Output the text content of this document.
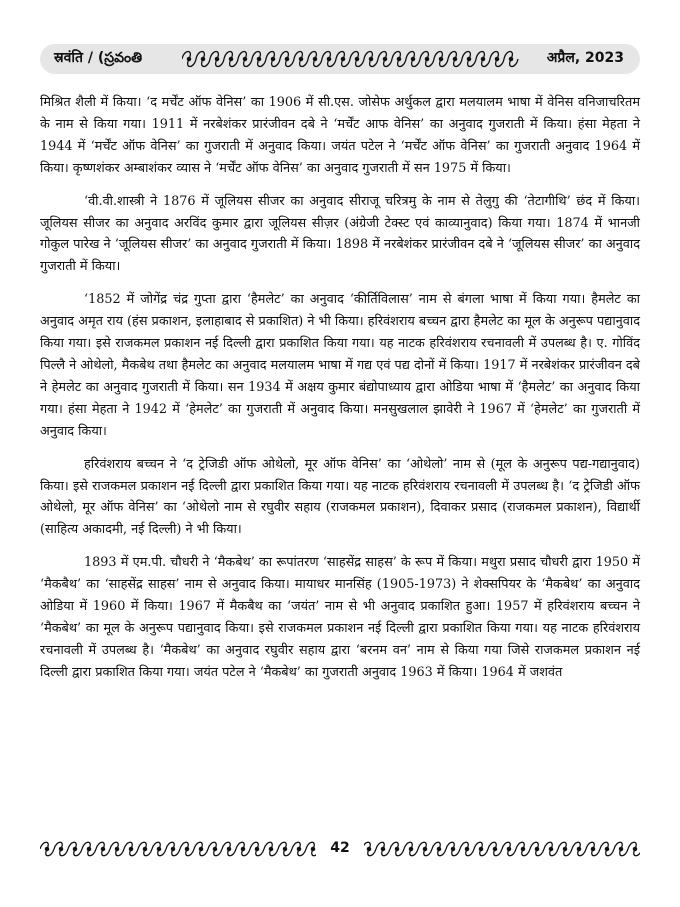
स्रवंति / (స్రవంతి	अप्रैल, 2023

मिश्रित शैली में किया। ‘द मर्चेंट ऑफ वेनिस’ का 1906 में सी.एस. जोसेफ अर्थुकल द्वारा मलयालम भाषा में वेनिस वनिजाचरितम के नाम से किया गया। 1911 में नरबेशंकर प्रारंजीवन दबे ने ‘मर्चेंट आफ वेनिस’ का अनुवाद गुजराती में किया। हंसा मेहता ने 1944 में ‘मर्चेंट ऑफ वेनिस’ का गुजराती में अनुवाद किया। जयंत पटेल ने ‘मर्चेंट ऑफ वेनिस’ का गुजराती अनुवाद 1964 में किया। कृष्णशंकर अम्बाशंकर व्यास ने ‘मर्चेंट ऑफ वेनिस’ का अनुवाद गुजराती में सन 1975 में किया।

‘वी.वी.शास्त्री ने 1876 में जूलियस सीजर का अनुवाद सीराजू चरित्रमु के नाम से तेलुगु की ‘तेटागीथि’ छंद में किया। जूलियस सीजर का अनुवाद अरविंद कुमार द्वारा जूलियस सीज़र (अंग्रेजी टेक्स्ट एवं काव्यानुवाद) किया गया। 1874 में भानजी गोकुल पारेख ने ‘जूलियस सीजर’ का अनुवाद गुजराती में किया। 1898 में नरबेशंकर प्रारंजीवन दबे ने ‘जूलियस सीजर’ का अनुवाद गुजराती में किया।

‘1852 में जोगेंद्र चंद्र गुप्ता द्वारा ‘हैमलेट’ का अनुवाद ‘कीर्तिविलास’ नाम से बंगला भाषा में किया गया। हैमलेट का अनुवाद अमृत राय (हंस प्रकाशन, इलाहाबाद से प्रकाशित) ने भी किया। हरिवंशराय बच्चन द्वारा हैमलेट का मूल के अनुरूप पद्यानुवाद किया गया। इसे राजकमल प्रकाशन नई दिल्ली द्वारा प्रकाशित किया गया। यह नाटक हरिवंशराय रचनावली में उपलब्ध है। ए. गोविंद पिल्लै ने ओथेलो, मैकबेथ तथा हैमलेट का अनुवाद मलयालम भाषा में गद्य एवं पद्य दोनों में किया। 1917 में नरबेशंकर प्रारंजीवन दबे ने हेमलेट का अनुवाद गुजराती में किया। सन 1934 में अक्षय कुमार बंद्योपाध्याय द्वारा ओडिया भाषा में ‘हैमलेट’ का अनुवाद किया गया। हंसा मेहता ने 1942 में ‘हेमलेट’ का गुजराती में अनुवाद किया। मनसुखलाल झावेरी ने 1967 में ‘हेमलेट’ का गुजराती में अनुवाद किया।

हरिवंशराय बच्चन ने ‘द ट्रेजिडी ऑफ ओथेलो, मूर ऑफ वेनिस’ का ‘ओथेलो’ नाम से (मूल के अनुरूप पद्य-गद्यानुवाद) किया। इसे राजकमल प्रकाशन नई दिल्ली द्वारा प्रकाशित किया गया। यह नाटक हरिवंशराय रचनावली में उपलब्ध है। ‘द ट्रेजिडी ऑफ ओथेलो, मूर ऑफ वेनिस’ का ‘ओथेलो नाम से रघुवीर सहाय (राजकमल प्रकाशन), दिवाकर प्रसाद (राजकमल प्रकाशन), विद्यार्थी (साहित्य अकादमी, नई दिल्ली) ने भी किया।

1893 में एम.पी. चौधरी ने ‘मैकबेथ’ का रूपांतरण ‘साहसेंद्र साहस’ के रूप में किया। मथुरा प्रसाद चौधरी द्वारा 1950 में ‘मैकबैथ’ का ‘साहसेंद्र साहस’ नाम से अनुवाद किया। मायाधर मानसिंह (1905-1973) ने शेक्सपियर के ‘मैकबेथ’ का अनुवाद ओडिया में 1960 में किया। 1967 में मैकबैथ का ‘जयंत’ नाम से भी अनुवाद प्रकाशित हुआ। 1957 में हरिवंशराय बच्चन ने ‘मैकबेथ’ का मूल के अनुरूप पद्यानुवाद किया। इसे राजकमल प्रकाशन नई दिल्ली द्वारा प्रकाशित किया गया। यह नाटक हरिवंशराय रचनावली में उपलब्ध है। ‘मैकबेथ’ का अनुवाद रघुवीर सहाय द्वारा ‘बरनम वन’ नाम से किया गया जिसे राजकमल प्रकाशन नई दिल्ली द्वारा प्रकाशित किया गया। जयंत पटेल ने ‘मैकबेथ’ का गुजराती अनुवाद 1963 में किया। 1964 में जशवंत

42
